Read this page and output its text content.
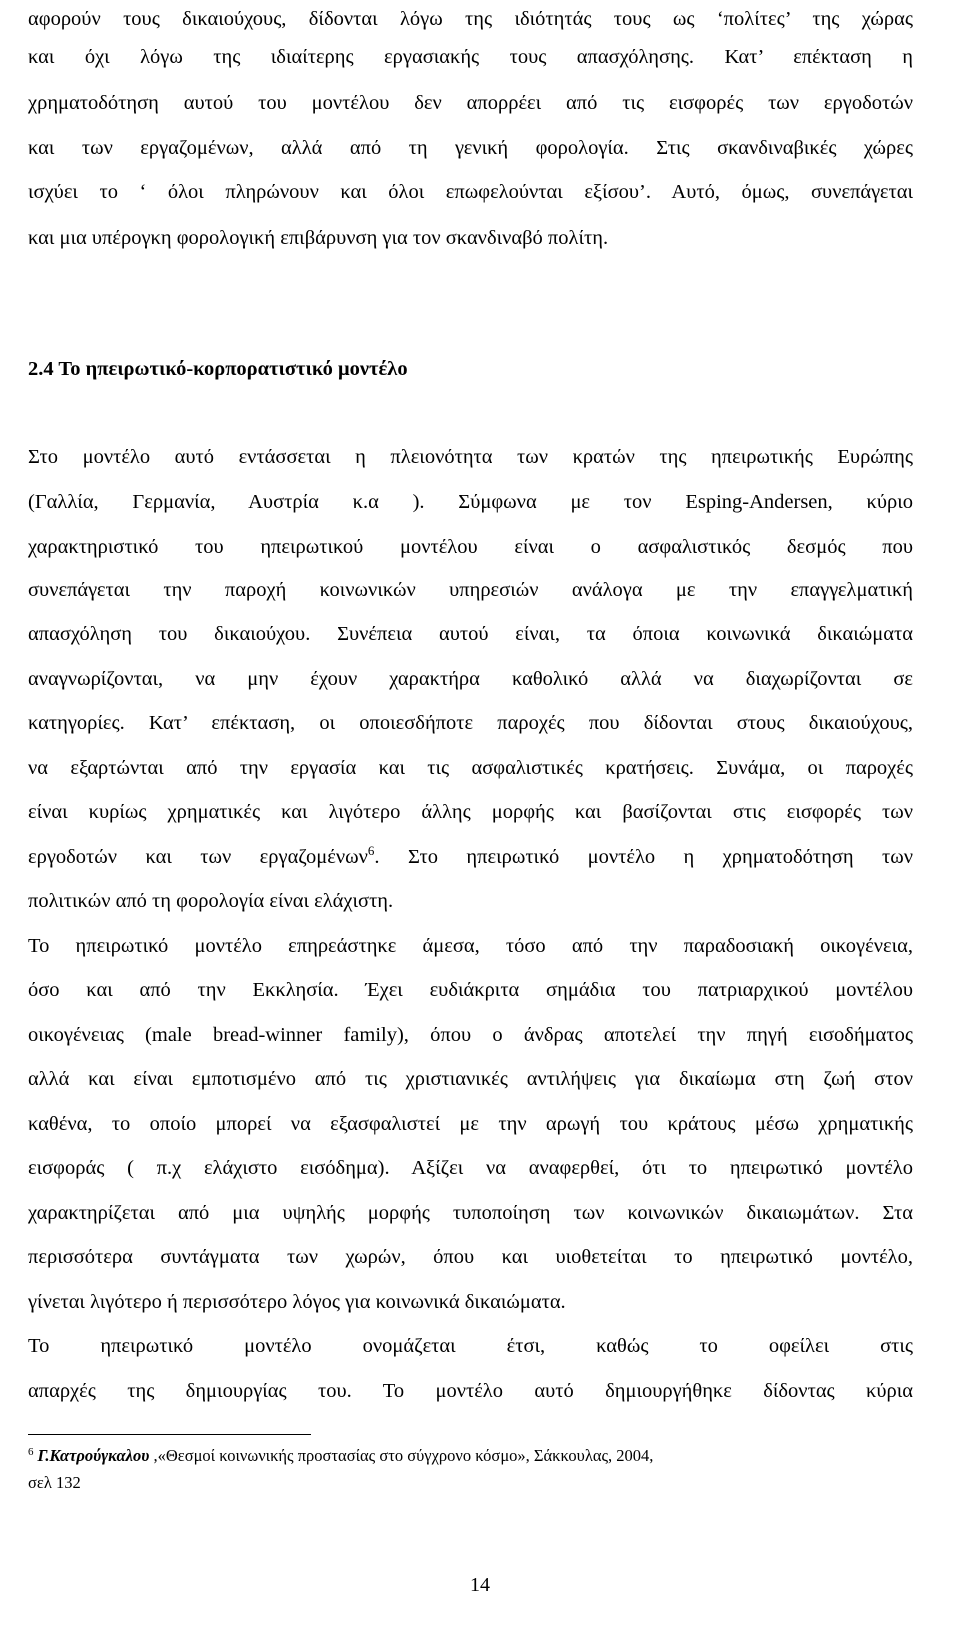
αφορούν τους δικαιούχους, δίδονται λόγω της ιδιότητάς τους ως ‘πολίτες’ της χώρας
και όχι λόγω της ιδιαίτερης εργασιακής τους απασχόλησης. Κατ’ επέκταση η
χρηματοδότηση αυτού του μοντέλου δεν απορρέει από τις εισφορές των εργοδοτών
και των εργαζομένων, αλλά από τη γενική φορολογία. Στις σκανδιναβικές χώρες
ισχύει το ‘ όλοι πληρώνουν και όλοι επωφελούνται εξίσου’. Αυτό, όμως, συνεπάγεται
και μια υπέρογκη φορολογική επιβάρυνση για τον σκανδιναβό πολίτη.
2.4 Το ηπειρωτικό-κορπορατιστικό μοντέλο
Στο μοντέλο αυτό εντάσσεται η πλειονότητα των κρατών της ηπειρωτικής Ευρώπης
(Γαλλία, Γερμανία, Αυστρία κ.α ). Σύμφωνα με τον Esping-Andersen, κύριο
χαρακτηριστικό του ηπειρωτικού μοντέλου είναι ο ασφαλιστικός δεσμός που
συνεπάγεται την παροχή κοινωνικών υπηρεσιών ανάλογα με την επαγγελματική
απασχόληση του δικαιούχου. Συνέπεια αυτού είναι, τα όποια κοινωνικά δικαιώματα
αναγνωρίζονται, να μην έχουν χαρακτήρα καθολικό αλλά να διαχωρίζονται σε
κατηγορίες. Κατ’ επέκταση, οι οποιεσδήποτε παροχές που δίδονται στους δικαιούχους,
να εξαρτώνται από την εργασία και τις ασφαλιστικές κρατήσεις. Συνάμα, οι παροχές
είναι κυρίως χρηματικές και λιγότερο άλλης μορφής και βασίζονται στις εισφορές των
εργοδοτών και των εργαζομένων$^6$. Στο ηπειρωτικό μοντέλο η χρηματοδότηση των
πολιτικών από τη φορολογία είναι ελάχιστη.
Το ηπειρωτικό μοντέλο επηρεάστηκε άμεσα, τόσο από την παραδοσιακή οικογένεια,
όσο και από την Εκκλησία. Έχει ευδιάκριτα σημάδια του πατριαρχικού μοντέλου
οικογένειας (male bread-winner family), όπου ο άνδρας αποτελεί την πηγή εισοδήματος
αλλά και είναι εμποτισμένο από τις χριστιανικές αντιλήψεις για δικαίωμα στη ζωή στον
καθένα, το οποίο μπορεί να εξασφαλιστεί με την αρωγή του κράτους μέσω χρηματικής
εισφοράς ( π.χ ελάχιστο εισόδημα). Αξίζει να αναφερθεί, ότι το ηπειρωτικό μοντέλο
χαρακτηρίζεται από μια υψηλής μορφής τυποποίηση των κοινωνικών δικαιωμάτων. Στα
περισσότερα συντάγματα των χωρών, όπου και υιοθετείται το ηπειρωτικό μοντέλο,
γίνεται λιγότερο ή περισσότερο λόγος για κοινωνικά δικαιώματα.
Το ηπειρωτικό μοντέλο ονομάζεται έτσι, καθώς το οφείλει στις
απαρχές της δημιουργίας του. Το μοντέλο αυτό δημιουργήθηκε δίδοντας κύρια
$^6$ Γ.Κατρούγκαλου ,«Θεσμοί κοινωνικής προστασίας στο σύγχρονο κόσμο», Σάκκουλας, 2004,
σελ 132
14
